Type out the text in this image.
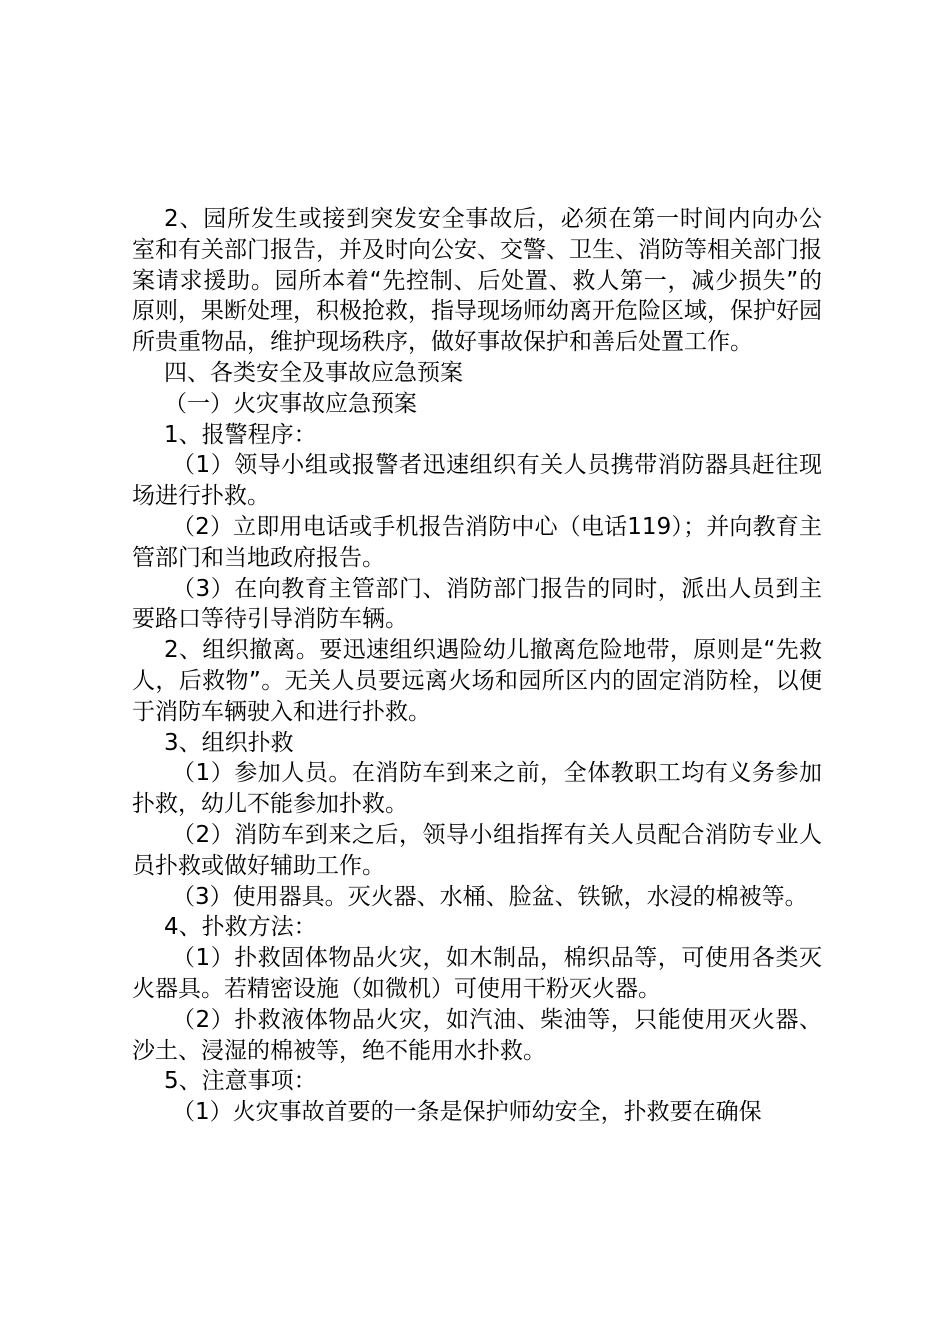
2、园所发生或接到突发安全事故后，必须在第一时间内向办公室和有关部门报告，并及时向公安、交警、卫生、消防等相关部门报案请求援助。园所本着“先控制、后处置、救人第一，减少损失”的原则，果断处理，积极抢救，指导现场师幼离开危险区域，保护好园所贵重物品，维护现场秩序，做好事故保护和善后处置工作。

四、各类安全及事故应急预案

（一）火灾事故应急预案

1、报警程序：

（1）领导小组或报警者迅速组织有关人员携带消防器具赶往现场进行扑救。

（2）立即用电话或手机报告消防中心（电话119）；并向教育主管部门和当地政府报告。

（3）在向教育主管部门、消防部门报告的同时，派出人员到主要路口等待引导消防车辆。

2、组织撤离。要迅速组织遇险幼儿撤离危险地带，原则是“先救人，后救物”。无关人员要远离火场和园所区内的固定消防栓，以便于消防车辆驶入和进行扑救。

3、组织扑救

（1）参加人员。在消防车到来之前，全体教职工均有义务参加扑救，幼儿不能参加扑救。

（2）消防车到来之后，领导小组指挥有关人员配合消防专业人员扑救或做好辅助工作。

（3）使用器具。灭火器、水桶、脸盆、铁锨，水浸的棉被等。

4、扑救方法：

（1）扑救固体物品火灾，如木制品，棉织品等，可使用各类灭火器具。若精密设施（如微机）可使用干粉灭火器。

（2）扑救液体物品火灾，如汽油、柴油等，只能使用灭火器、沙土、浸湿的棉被等，绝不能用水扑救。

5、注意事项：

（1）火灾事故首要的一条是保护师幼安全，扑救要在确保
